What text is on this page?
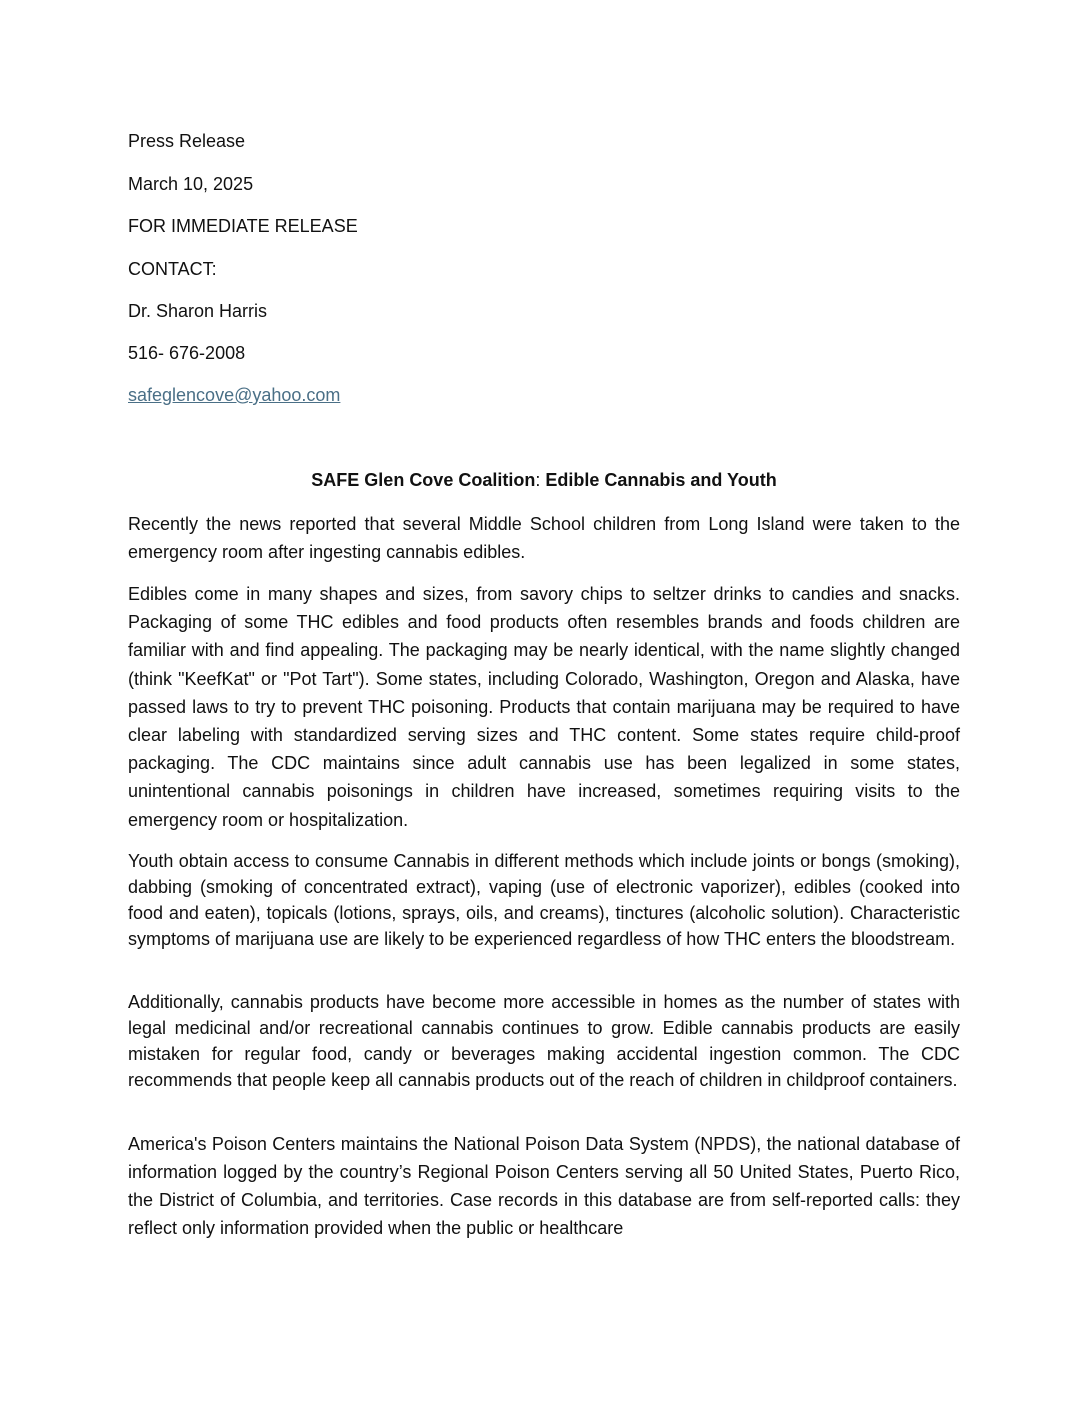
Press Release

March 10, 2025

FOR IMMEDIATE RELEASE

CONTACT:

Dr. Sharon Harris

516- 676-2008

safeglencove@yahoo.com

SAFE Glen Cove Coalition: Edible Cannabis and Youth

Recently the news reported that several Middle School children from Long Island were taken to the emergency room after ingesting cannabis edibles.

Edibles come in many shapes and sizes, from savory chips to seltzer drinks to candies and snacks. Packaging of some THC edibles and food products often resembles brands and foods children are familiar with and find appealing. The packaging may be nearly identical, with the name slightly changed (think "KeefKat" or "Pot Tart"). Some states, including Colorado, Washington, Oregon and Alaska, have passed laws to try to prevent THC poisoning. Products that contain marijuana may be required to have clear labeling with standardized serving sizes and THC content. Some states require child-proof packaging. The CDC maintains since adult cannabis use has been legalized in some states, unintentional cannabis poisonings in children have increased, sometimes requiring visits to the emergency room or hospitalization.

Youth obtain access to consume Cannabis in different methods which include joints or bongs (smoking), dabbing (smoking of concentrated extract), vaping (use of electronic vaporizer), edibles (cooked into food and eaten), topicals (lotions, sprays, oils, and creams), tinctures (alcoholic solution). Characteristic symptoms of marijuana use are likely to be experienced regardless of how THC enters the bloodstream.

Additionally, cannabis products have become more accessible in homes as the number of states with legal medicinal and/or recreational cannabis continues to grow. Edible cannabis products are easily mistaken for regular food, candy or beverages making accidental ingestion common. The CDC recommends that people keep all cannabis products out of the reach of children in childproof containers.

America's Poison Centers maintains the National Poison Data System (NPDS), the national database of information logged by the country’s Regional Poison Centers serving all 50 United States, Puerto Rico, the District of Columbia, and territories. Case records in this database are from self-reported calls: they reflect only information provided when the public or healthcare
